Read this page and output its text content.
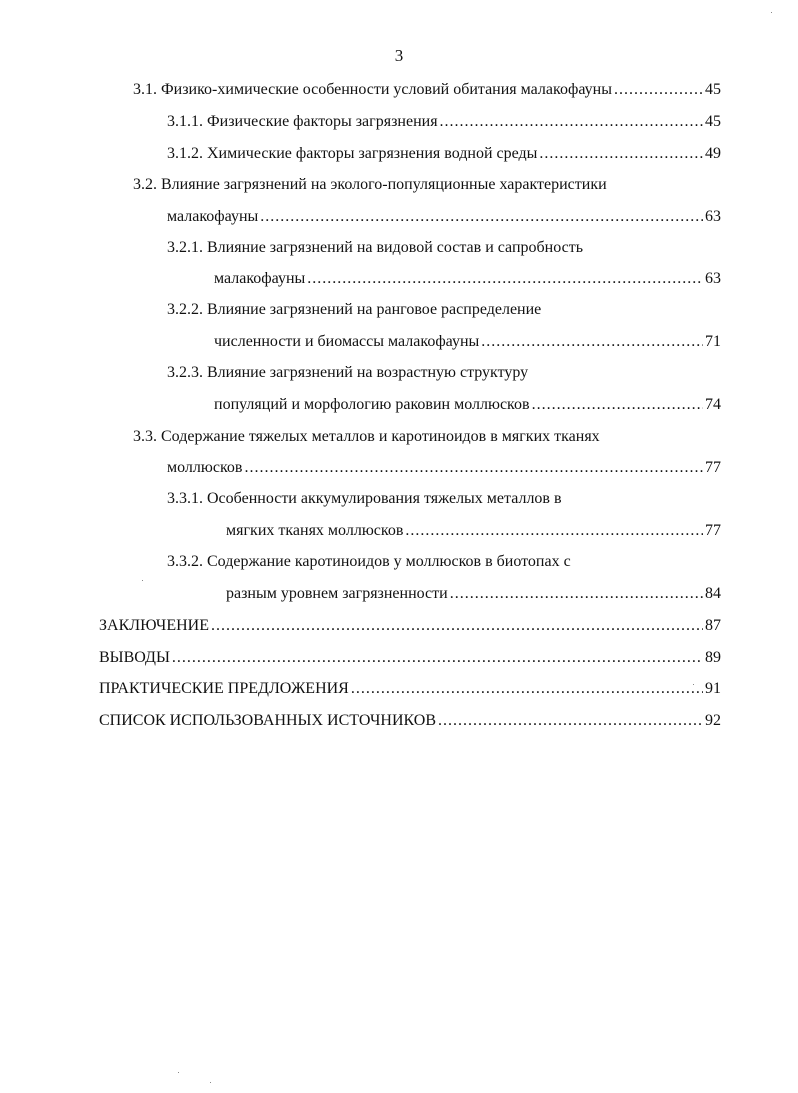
3
3.1. Физико-химические особенности условий обитания малакофауны .....	45
3.1.1. Физические факторы загрязнения .....	45
3.1.2. Химические факторы загрязнения водной среды .....	49
3.2. Влияние загрязнений на эколого-популяционные характеристики
малакофауны .....	63
3.2.1. Влияние загрязнений на видовой состав и сапробность
малакофауны .....	63
3.2.2. Влияние загрязнений на ранговое распределение
численности и биомассы малакофауны .....	71
3.2.3. Влияние загрязнений на возрастную структуру
популяций и морфологию раковин моллюсков .....	74
3.3. Содержание тяжелых металлов и каротиноидов в мягких тканях
моллюсков .....	77
3.3.1. Особенности аккумулирования тяжелых металлов в
мягких тканях моллюсков .....	77
3.3.2. Содержание каротиноидов у моллюсков в биотопах с
разным уровнем загрязненности .....	84
ЗАКЛЮЧЕНИЕ .....	87
ВЫВОДЫ .....	89
ПРАКТИЧЕСКИЕ ПРЕДЛОЖЕНИЯ .....	91
СПИСОК ИСПОЛЬЗОВАННЫХ ИСТОЧНИКОВ .....	92
